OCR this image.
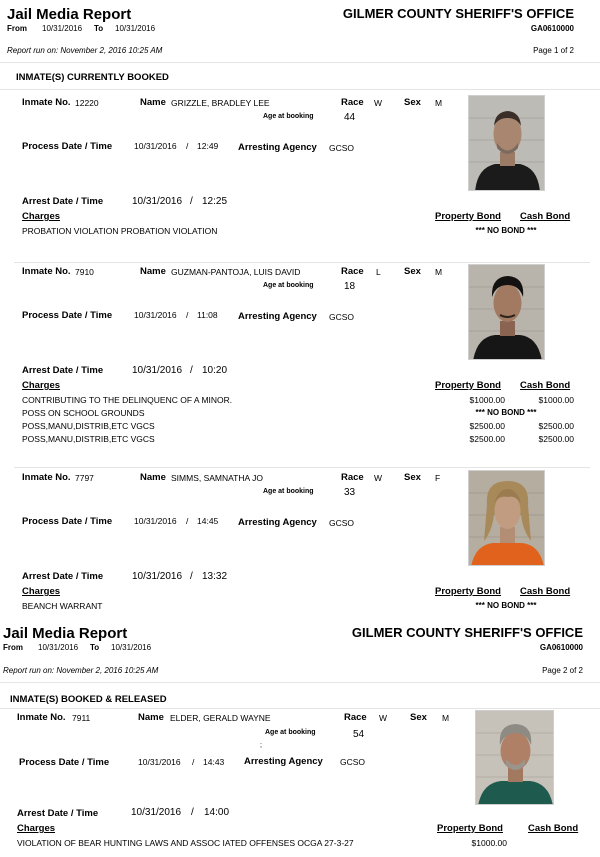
Jail Media Report	GILMER COUNTY SHERIFF'S OFFICE
From 10/31/2016 To 10/31/2016	GA0610000
Report run on: November 2, 2016 10:25 AM	Page 1 of 2
INMATE(S) CURRENTLY BOOKED
Inmate No. 12220	Name GRIZZLE, BRADLEY LEE	Race W Sex M
Age at booking	44
Process Date / Time	10/31/2016 / 12:49 Arresting Agency GCSO
Arrest Date / Time	10/31/2016 / 12:25
Charges	Property Bond Cash Bond
PROBATION VIOLATION PROBATION VIOLATION	*** NO BOND ***
Inmate No. 7910	Name GUZMAN-PANTOJA, LUIS DAVID	Race L Sex M
Age at booking	18
Process Date / Time	10/31/2016 / 11:08 Arresting Agency GCSO
Arrest Date / Time	10/31/2016 / 10:20
Charges	Property Bond Cash Bond
CONTRIBUTING TO THE DELINQUENC OF A MINOR.	$1000.00	$1000.00
POSS ON SCHOOL GROUNDS	*** NO BOND ***
POSS,MANU,DISTRIB,ETC VGCS	$2500.00	$2500.00
POSS,MANU,DISTRIB,ETC VGCS	$2500.00	$2500.00
Inmate No. 7797	Name SIMMS, SAMNATHA JO	Race W Sex F
Age at booking	33
Process Date / Time	10/31/2016 / 14:45 Arresting Agency GCSO
Arrest Date / Time	10/31/2016 / 13:32
Charges	Property Bond Cash Bond
BEANCH WARRANT	*** NO BOND ***
Jail Media Report	GILMER COUNTY SHERIFF'S OFFICE
From 10/31/2016 To 10/31/2016	GA0610000
Report run on: November 2, 2016 10:25 AM	Page 2 of 2
INMATE(S) BOOKED & RELEASED
Inmate No. 7911	Name ELDER, GERALD WAYNE	Race W Sex M
Age at booking	54
;
Process Date / Time	10/31/2016 / 14:43 Arresting Agency GCSO
Arrest Date / Time	10/31/2016 / 14:00
Charges	Property Bond	Cash Bond
VIOLATION OF BEAR HUNTING LAWS AND ASSOC IATED OFFENSES OCGA 27-3-27	$1000.00
